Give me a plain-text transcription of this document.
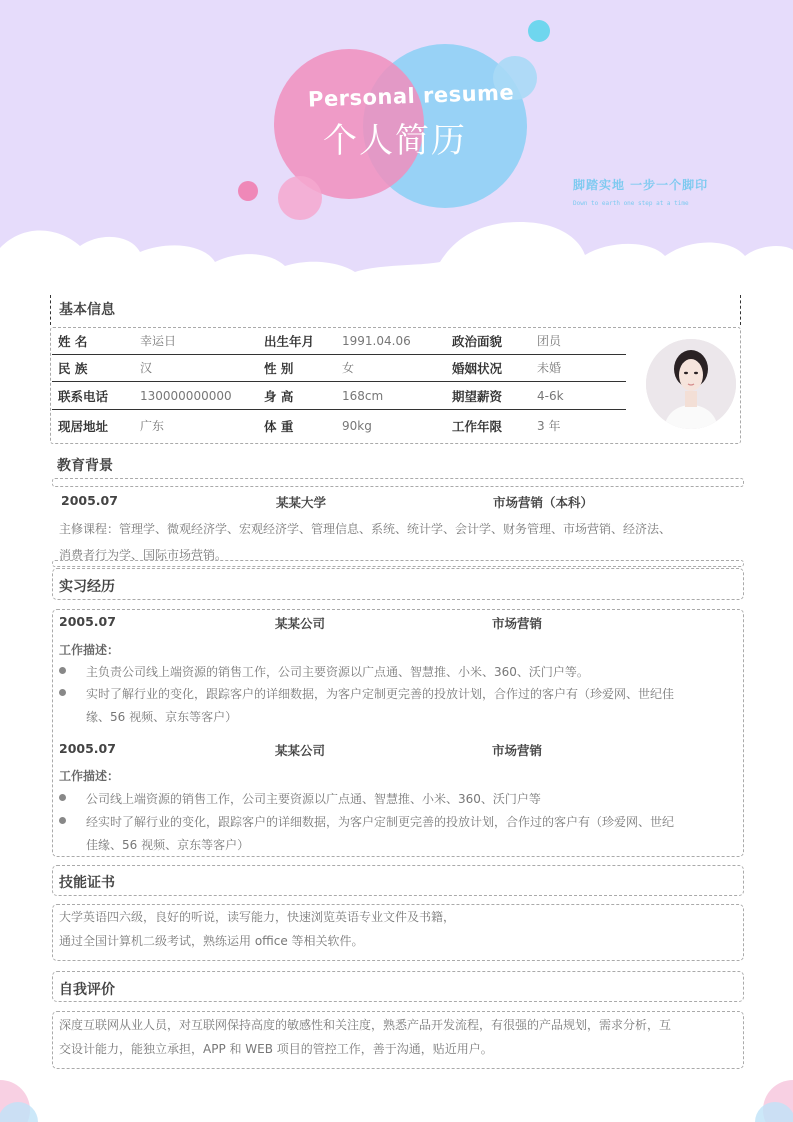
Personal resume
个人简历
脚踏实地 一步一个脚印
Down to earth one step at a time
基本信息
姓 名	幸运日	出生年月 1991.04.06	政治面貌	团员
民 族	汉	性 别	女	婚姻状况	未婚
联系电话	130000000000	身 高	168cm	期望薪资	4-6k
现居地址	广东	体 重	90kg	工作年限	3 年
教育背景
2005.07	某某大学	市场营销（本科）
主修课程：管理学、微观经济学、宏观经济学、管理信息、系统、统计学、会计学、财务管理、市场营销、经济法、
消费者行为学、国际市场营销。
实习经历
2005.07	某某公司	市场营销
工作描述：
主负责公司线上端资源的销售工作，公司主要资源以广点通、智慧推、小米、360、沃门户等。
实时了解行业的变化，跟踪客户的详细数据，为客户定制更完善的投放计划，合作过的客户有（珍爱网、世纪佳
缘、56 视频、京东等客户）
2005.07	某某公司	市场营销
工作描述：
公司线上端资源的销售工作，公司主要资源以广点通、智慧推、小米、360、沃门户等
经实时了解行业的变化，跟踪客户的详细数据，为客户定制更完善的投放计划，合作过的客户有（珍爱网、世纪
佳缘、56 视频、京东等客户）
技能证书
大学英语四六级，良好的听说，读写能力，快速浏览英语专业文件及书籍，
通过全国计算机二级考试，熟练运用 office 等相关软件。
自我评价
深度互联网从业人员，对互联网保持高度的敏感性和关注度，熟悉产品开发流程，有很强的产品规划，需求分析，互
交设计能力，能独立承担，APP 和 WEB 项目的管控工作，善于沟通，贴近用户。
